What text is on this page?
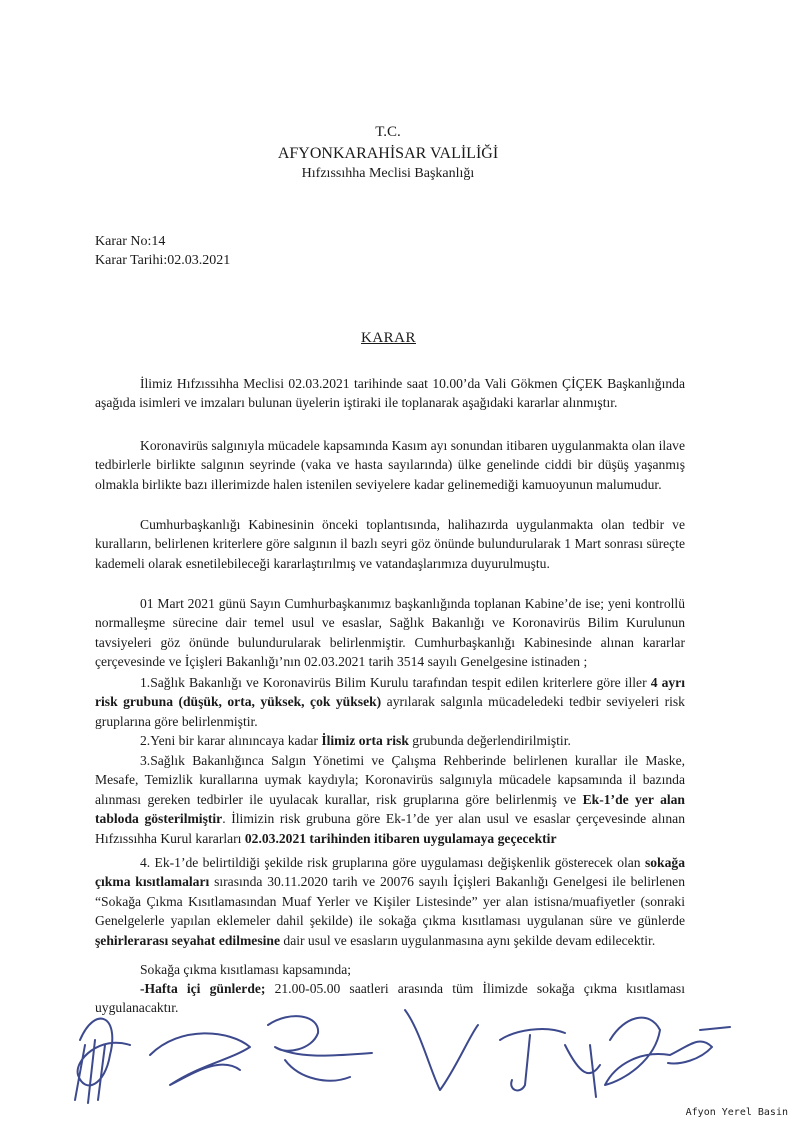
T.C.
AFYONKARAHİSAR VALİLİĞİ
Hıfzıssıhha Meclisi Başkanlığı
Karar No:14
Karar Tarihi:02.03.2021
KARAR
İlimiz Hıfzıssıhha Meclisi 02.03.2021 tarihinde saat 10.00’da Vali Gökmen ÇİÇEK Başkanlığında aşağıda isimleri ve imzaları bulunan üyelerin iştiraki ile toplanarak aşağıdaki kararlar alınmıştır.
Koronavirüs salgınıyla mücadele kapsamında Kasım ayı sonundan itibaren uygulanmakta olan ilave tedbirlerle birlikte salgının seyrinde (vaka ve hasta sayılarında) ülke genelinde ciddi bir düşüş yaşanmış olmakla birlikte bazı illerimizde halen istenilen seviyelere kadar gelinemediği kamuoyunun malumudur.
Cumhurbaşkanlığı Kabinesinin önceki toplantısında, halihazırda uygulanmakta olan tedbir ve kuralların, belirlenen kriterlere göre salgının il bazlı seyri göz önünde bulundurularak 1 Mart sonrası süreçte kademeli olarak esnetilebileceği kararlaştırılmış ve vatandaşlarımıza duyurulmuştu.
01 Mart 2021 günü Sayın Cumhurbaşkanımız başkanlığında toplanan Kabine’de ise; yeni kontrollü normalleşme sürecine dair temel usul ve esaslar, Sağlık Bakanlığı ve Koronavirüs Bilim Kurulunun tavsiyeleri göz önünde bulundurularak belirlenmiştir. Cumhurbaşkanlığı Kabinesinde alınan kararlar çerçevesinde ve İçişleri Bakanlığı’nın 02.03.2021 tarih 3514 sayılı Genelgesine istinaden ;
1.Sağlık Bakanlığı ve Koronavirüs Bilim Kurulu tarafından tespit edilen kriterlere göre iller 4 ayrı risk grubuna (düşük, orta, yüksek, çok yüksek) ayrılarak salgınla mücadeledeki tedbir seviyeleri risk gruplarına göre belirlenmiştir.
2.Yeni bir karar alınıncaya kadar İlimiz orta risk grubunda değerlendirilmiştir.
3.Sağlık Bakanlığınca Salgın Yönetimi ve Çalışma Rehberinde belirlenen kurallar ile Maske, Mesafe, Temizlik kurallarına uymak kaydıyla; Koronavirüs salgınıyla mücadele kapsamında il bazında alınması gereken tedbirler ile uyulacak kurallar, risk gruplarına göre belirlenmiş ve Ek-1’de yer alan tabloda gösterilmiştir. İlimizin risk grubuna göre Ek-1’de yer alan usul ve esaslar çerçevesinde alınan Hıfzıssıhha Kurul kararları 02.03.2021 tarihinden itibaren uygulamaya geçecektir
4. Ek-1’de belirtildiği şekilde risk gruplarına göre uygulaması değişkenlik gösterecek olan sokağa çıkma kısıtlamaları sırasında 30.11.2020 tarih ve 20076 sayılı İçişleri Bakanlığı Genelgesi ile belirlenen “Sokağa Çıkma Kısıtlamasından Muaf Yerler ve Kişiler Listesinde” yer alan istisna/muafiyetler (sonraki Genelgelerle yapılan eklemeler dahil şekilde) ile sokağa çıkma kısıtlaması uygulanan süre ve günlerde şehirlerarası seyahat edilmesine dair usul ve esasların uygulanmasına aynı şekilde devam edilecektir.
Sokağa çıkma kısıtlaması kapsamında;
-Hafta içi günlerde; 21.00-05.00 saatleri arasında tüm İlimizde sokağa çıkma kısıtlaması uygulanacaktır.
Afyon Yerel Basin
